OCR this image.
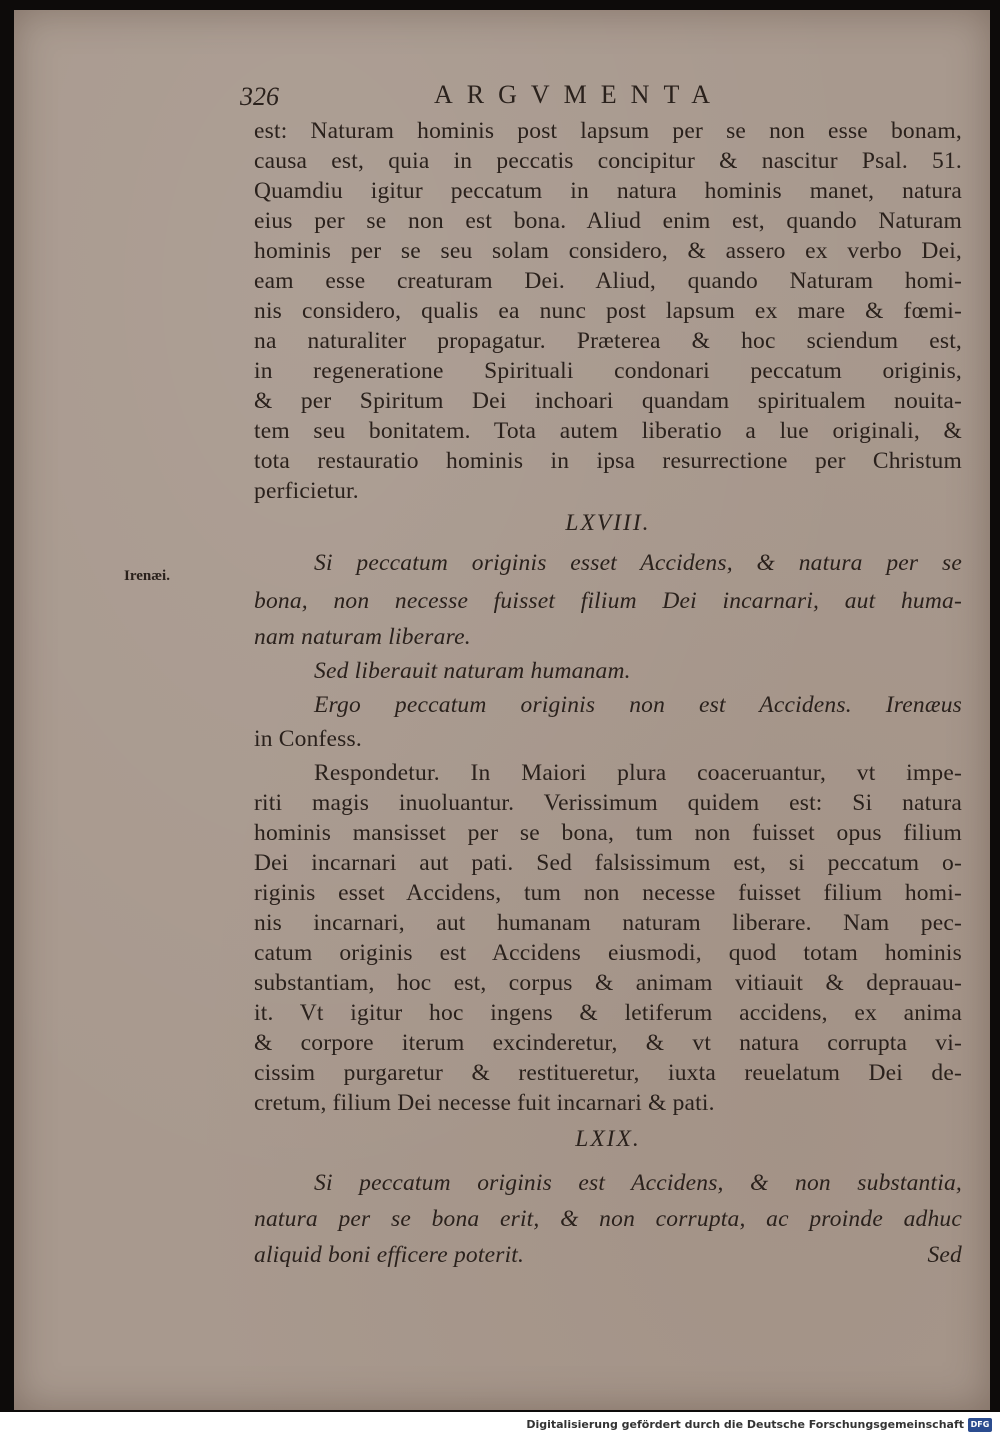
326	ARGVMENTA
Irenæi.
est: Naturam hominis post lapsum per se non esse bonam,
causa est, quia in peccatis concipitur & nascitur Psal. 51.
Quamdiu igitur peccatum in natura hominis manet, natura
eius per se non est bona. Aliud enim est, quando Naturam
hominis per se seu solam considero, & assero ex verbo Dei,
eam esse creaturam Dei. Aliud, quando Naturam homi-
nis considero, qualis ea nunc post lapsum ex mare & fœmi-
na naturaliter propagatur. Præterea & hoc sciendum est,
in regeneratione Spirituali condonari peccatum originis,
& per Spiritum Dei inchoari quandam spiritualem nouita-
tem seu bonitatem. Tota autem liberatio a lue originali, &
tota restauratio hominis in ipsa resurrectione per Christum
perficietur.
LXVIII.
Si peccatum originis esset Accidens, & natura per se
bona, non necesse fuisset filium Dei incarnari, aut huma-
nam naturam liberare.
Sed liberauit naturam humanam.
Ergo peccatum originis non est Accidens. Irenæus
in Confess.
Respondetur. In Maiori plura coaceruantur, vt impe-
riti magis inuoluantur. Verissimum quidem est: Si natura
hominis mansisset per se bona, tum non fuisset opus filium
Dei incarnari aut pati. Sed falsissimum est, si peccatum o-
riginis esset Accidens, tum non necesse fuisset filium homi-
nis incarnari, aut humanam naturam liberare. Nam pec-
catum originis est Accidens eiusmodi, quod totam hominis
substantiam, hoc est, corpus & animam vitiauit & deprauau-
it. Vt igitur hoc ingens & letiferum accidens, ex anima
& corpore iterum excinderetur, & vt natura corrupta vi-
cissim purgaretur & restitueretur, iuxta reuelatum Dei de-
cretum, filium Dei necesse fuit incarnari & pati.
LXIX.
Si peccatum originis est Accidens, & non substantia,
natura per se bona erit, & non corrupta, ac proinde adhuc
aliquid boni efficere poterit.	Sed
Digitalisierung gefördert durch die Deutsche Forschungsgemeinschaft DFG
